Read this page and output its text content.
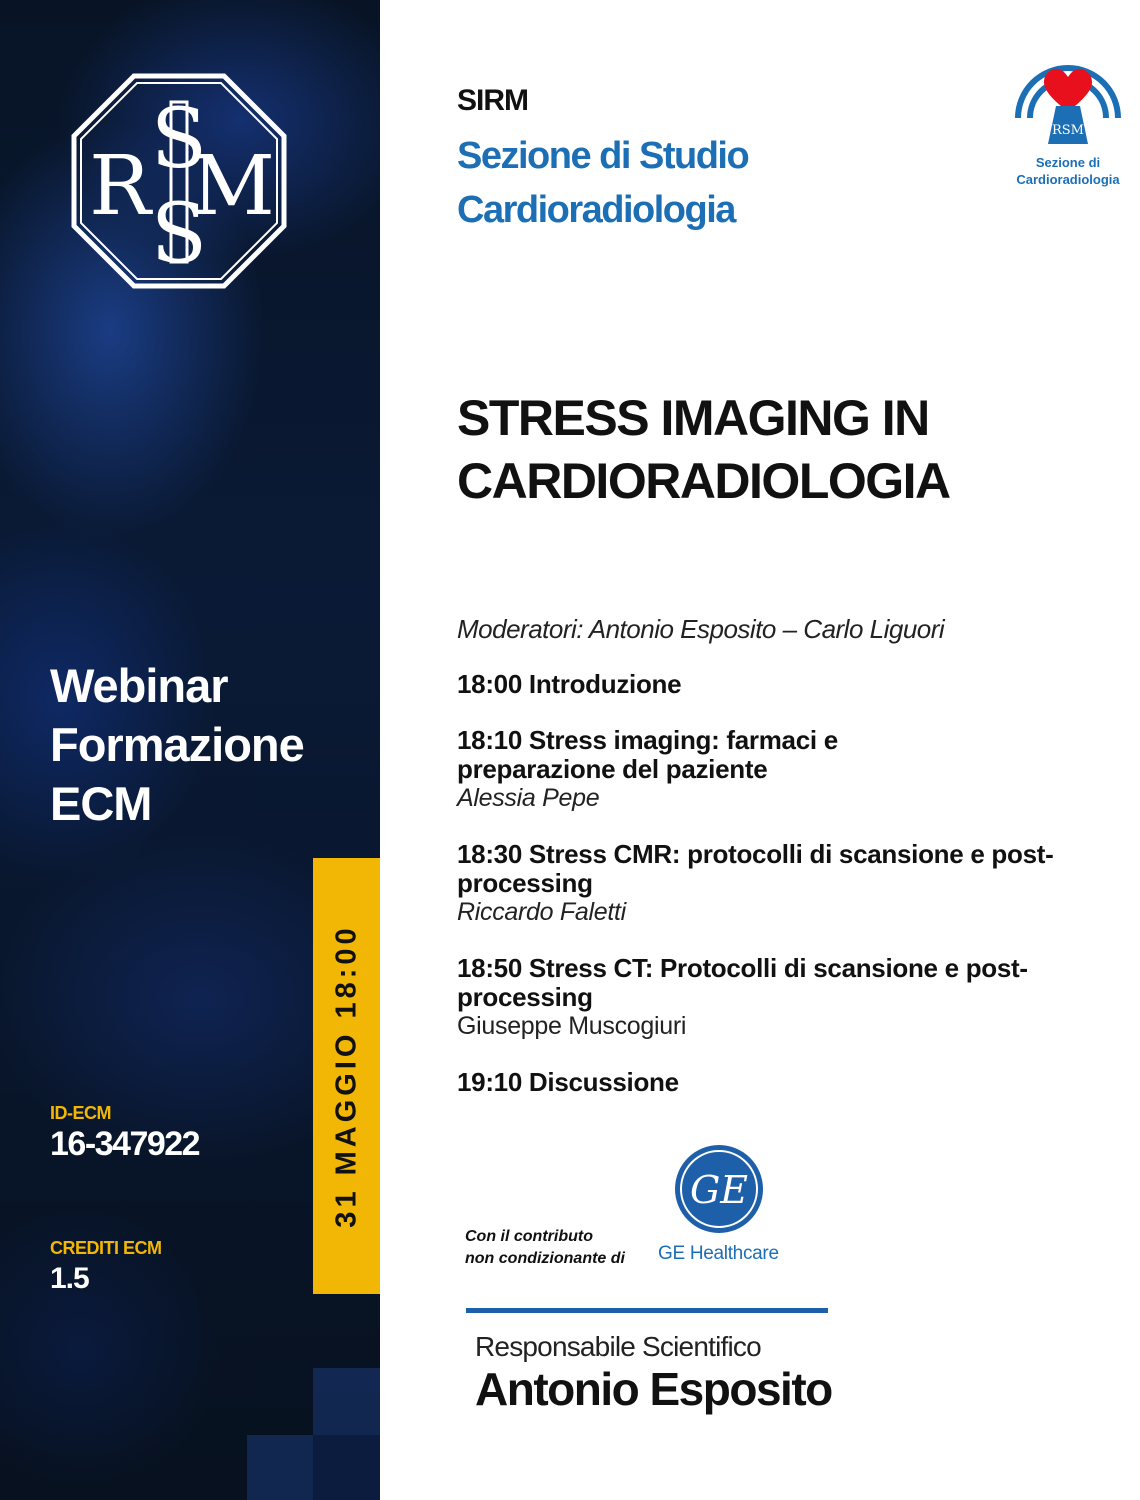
R M
S
S
Webinar
Formazione
ECM
ID-ECM
16-347922
CREDITI ECM
1.5
31 MAGGIO 18:00
SIRM
Sezione di Studio
Cardioradiologia
RSM
Sezione di
Cardioradiologia
STRESS IMAGING IN
CARDIORADIOLOGIA
Moderatori: Antonio Esposito – Carlo Liguori
18:00 Introduzione
18:10 Stress imaging: farmaci e preparazione del paziente
Alessia Pepe
18:30 Stress CMR: protocolli di scansione e post-processing
Riccardo Faletti
18:50 Stress CT: Protocolli di scansione e post-processing
Giuseppe Muscogiuri
19:10 Discussione
Con il contributo
non condizionante di
GE
GE Healthcare
Responsabile Scientifico
Antonio Esposito
